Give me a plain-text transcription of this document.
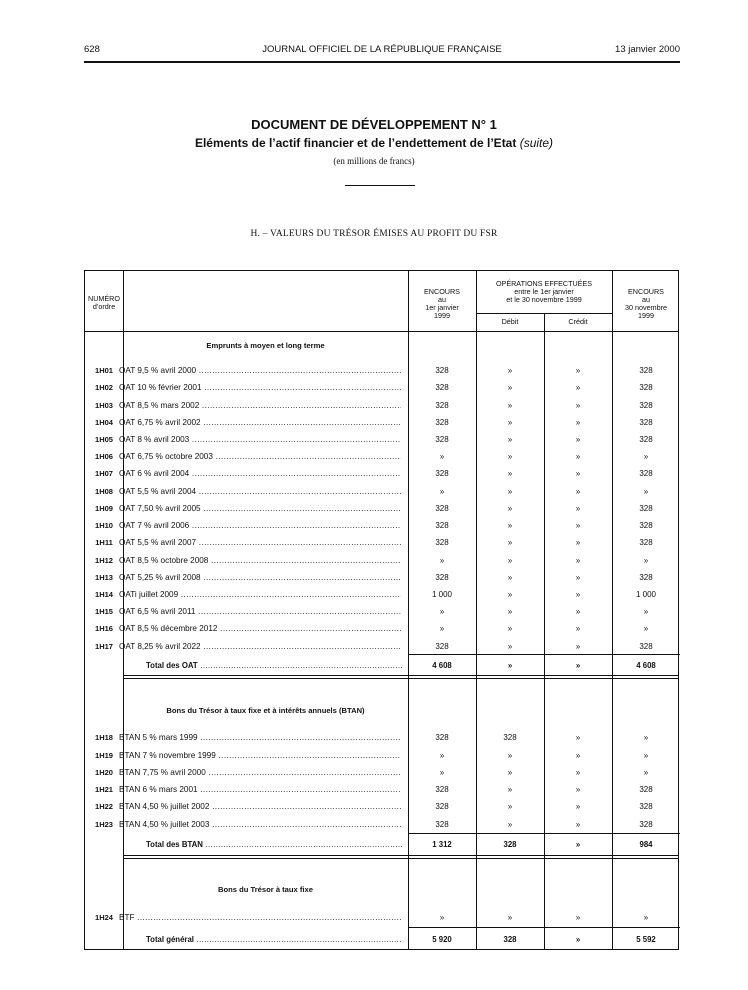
628	JOURNAL OFFICIEL DE LA RÉPUBLIQUE FRANÇAISE	13 janvier 2000
DOCUMENT DE DÉVELOPPEMENT N° 1
Eléments de l’actif financier et de l’endettement de l’Etat (suite)
(en millions de francs)
H. – VALEURS DU TRÉSOR ÉMISES AU PROFIT DU FSR
NUMÉRO
d’ordre
ENCOURS
au
1er janvier
1999
OPÉRATIONS EFFECTUÉES
entre le 1er janvier
et le 30 novembre 1999
Débit	Crédit
ENCOURS
au
30 novembre
1999
Emprunts à moyen et long terme
1H01 OAT 9,5 % avril 2000 .....	328	»	»	328
1H02 OAT 10 % février 2001 .....	328	»	»	328
1H03 OAT 8,5 % mars 2002 .....	328	»	»	328
1H04 OAT 6,75 % avril 2002 .....	328	»	»	328
1H05 OAT 8 % avril 2003 .....	328	»	»	328
1H06 OAT 6,75 % octobre 2003 .....	»	»	»	»
1H07 OAT 6 % avril 2004 .....	328	»	»	328
1H08 OAT 5,5 % avril 2004 .....	»	»	»	»
1H09 OAT 7,50 % avril 2005 .....	328	»	»	328
1H10 OAT 7 % avril 2006 .....	328	»	»	328
1H11 OAT 5,5 % avril 2007 .....	328	»	»	328
1H12 OAT 8,5 % octobre 2008 .....	»	»	»	»
1H13 OAT 5,25 % avril 2008 .....	328	»	»	328
1H14 OATi juillet 2009 .....	1 000	»	»	1 000
1H15 OAT 6,5 % avril 2011 .....	»	»	»	»
1H16 OAT 8,5 % décembre 2012 .....	»	»	»	»
1H17 OAT 8,25 % avril 2022 .....	328	»	»	328
Total des OAT .....	4 608	»	»	4 608
Bons du Trésor à taux fixe et à intérêts annuels (BTAN)
1H18 BTAN 5 % mars 1999 .....	328	328	»	»
1H19 BTAN 7 % novembre 1999 .....	»	»	»	»
1H20 BTAN 7,75 % avril 2000 .....	»	»	»	»
1H21 BTAN 6 % mars 2001 .....	328	»	»	328
1H22 BTAN 4,50 % juillet 2002 .....	328	»	»	328
1H23 BTAN 4,50 % juillet 2003 .....	328	»	»	328
Total des BTAN .....	1 312	328	»	984
Bons du Trésor à taux fixe
1H24 BTF .....	»	»	»	»
Total général .....	5 920	328	»	5 592
